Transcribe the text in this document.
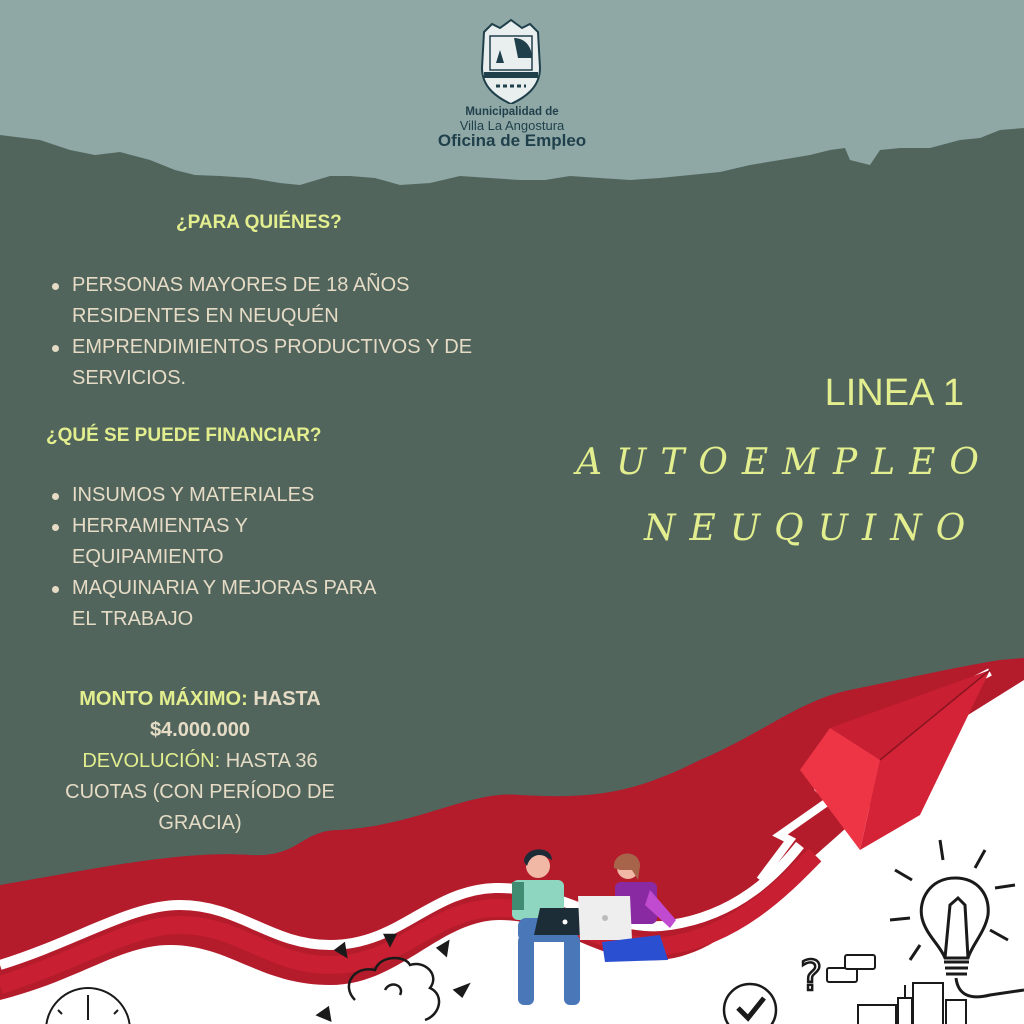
?
Municipalidad de
Villa La Angostura
Oficina de Empleo
¿PARA QUIÉNES?
PERSONAS MAYORES DE 18 AÑOS RESIDENTES EN NEUQUÉN
EMPRENDIMIENTOS PRODUCTIVOS Y DE SERVICIOS.
¿QUÉ SE PUEDE FINANCIAR?
INSUMOS Y MATERIALES
HERRAMIENTAS Y EQUIPAMIENTO
MAQUINARIA Y MEJORAS PARA EL TRABAJO
MONTO MÁXIMO: HASTA
$4.000.000
DEVOLUCIÓN: HASTA 36 CUOTAS (CON PERÍODO DE GRACIA)
LINEA 1
AUTOEMPLEO
NEUQUINO
